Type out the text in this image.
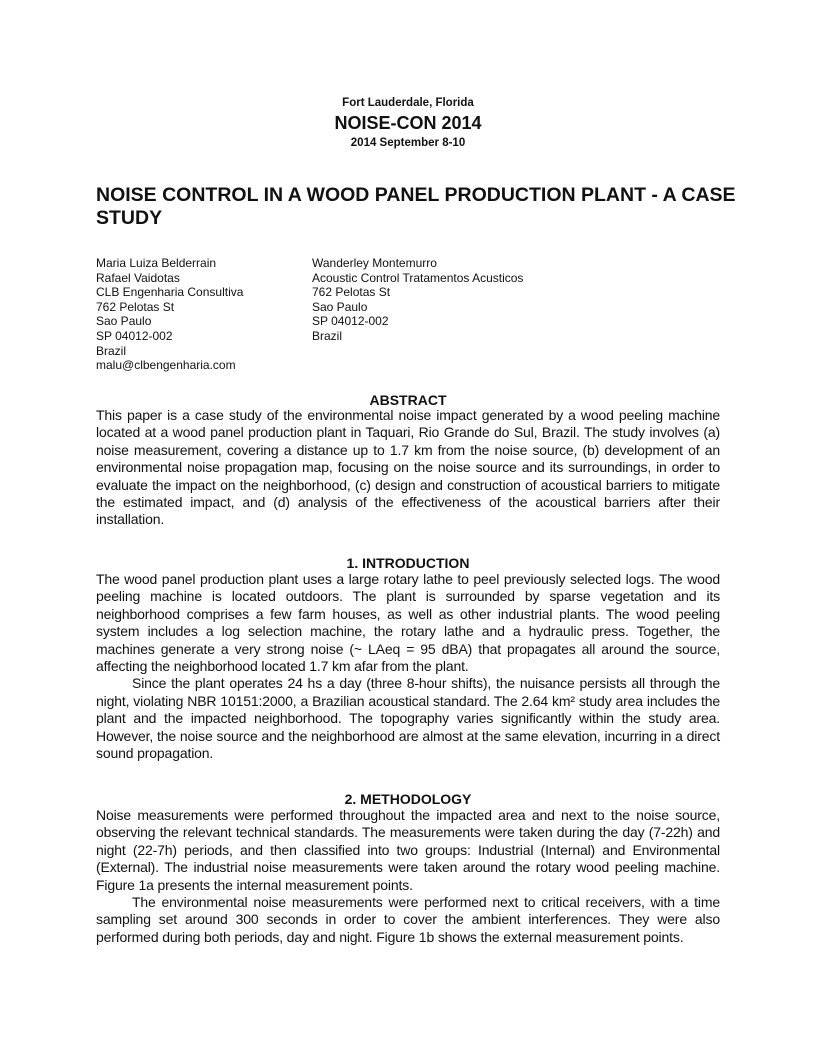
Fort Lauderdale, Florida
NOISE-CON 2014
2014 September 8-10
NOISE CONTROL IN A WOOD PANEL PRODUCTION PLANT - A CASE STUDY
Maria Luiza Belderrain
Rafael Vaidotas
CLB Engenharia Consultiva
762 Pelotas St
Sao Paulo
SP 04012-002
Brazil
malu@clbengenharia.com
Wanderley Montemurro
Acoustic Control Tratamentos Acusticos
762 Pelotas St
Sao Paulo
SP 04012-002
Brazil
ABSTRACT

This paper is a case study of the environmental noise impact generated by a wood peeling machine located at a wood panel production plant in Taquari, Rio Grande do Sul, Brazil. The study involves (a) noise measurement, covering a distance up to 1.7 km from the noise source, (b) development of an environmental noise propagation map, focusing on the noise source and its surroundings, in order to evaluate the impact on the neighborhood, (c) design and construction of acoustical barriers to mitigate the estimated impact, and (d) analysis of the effectiveness of the acoustical barriers after their installation.

1. INTRODUCTION

The wood panel production plant uses a large rotary lathe to peel previously selected logs. The wood peeling machine is located outdoors. The plant is surrounded by sparse vegetation and its neighborhood comprises a few farm houses, as well as other industrial plants. The wood peeling system includes a log selection machine, the rotary lathe and a hydraulic press. Together, the machines generate a very strong noise (~ LAeq = 95 dBA) that propagates all around the source, affecting the neighborhood located 1.7 km afar from the plant.

Since the plant operates 24 hs a day (three 8-hour shifts), the nuisance persists all through the night, violating NBR 10151:2000, a Brazilian acoustical standard. The 2.64 km² study area includes the plant and the impacted neighborhood. The topography varies significantly within the study area. However, the noise source and the neighborhood are almost at the same elevation, incurring in a direct sound propagation.

2. METHODOLOGY

Noise measurements were performed throughout the impacted area and next to the noise source, observing the relevant technical standards. The measurements were taken during the day (7-22h) and night (22-7h) periods, and then classified into two groups: Industrial (Internal) and Environmental (External). The industrial noise measurements were taken around the rotary wood peeling machine. Figure 1a presents the internal measurement points.

The environmental noise measurements were performed next to critical receivers, with a time sampling set around 300 seconds in order to cover the ambient interferences. They were also performed during both periods, day and night. Figure 1b shows the external measurement points.
